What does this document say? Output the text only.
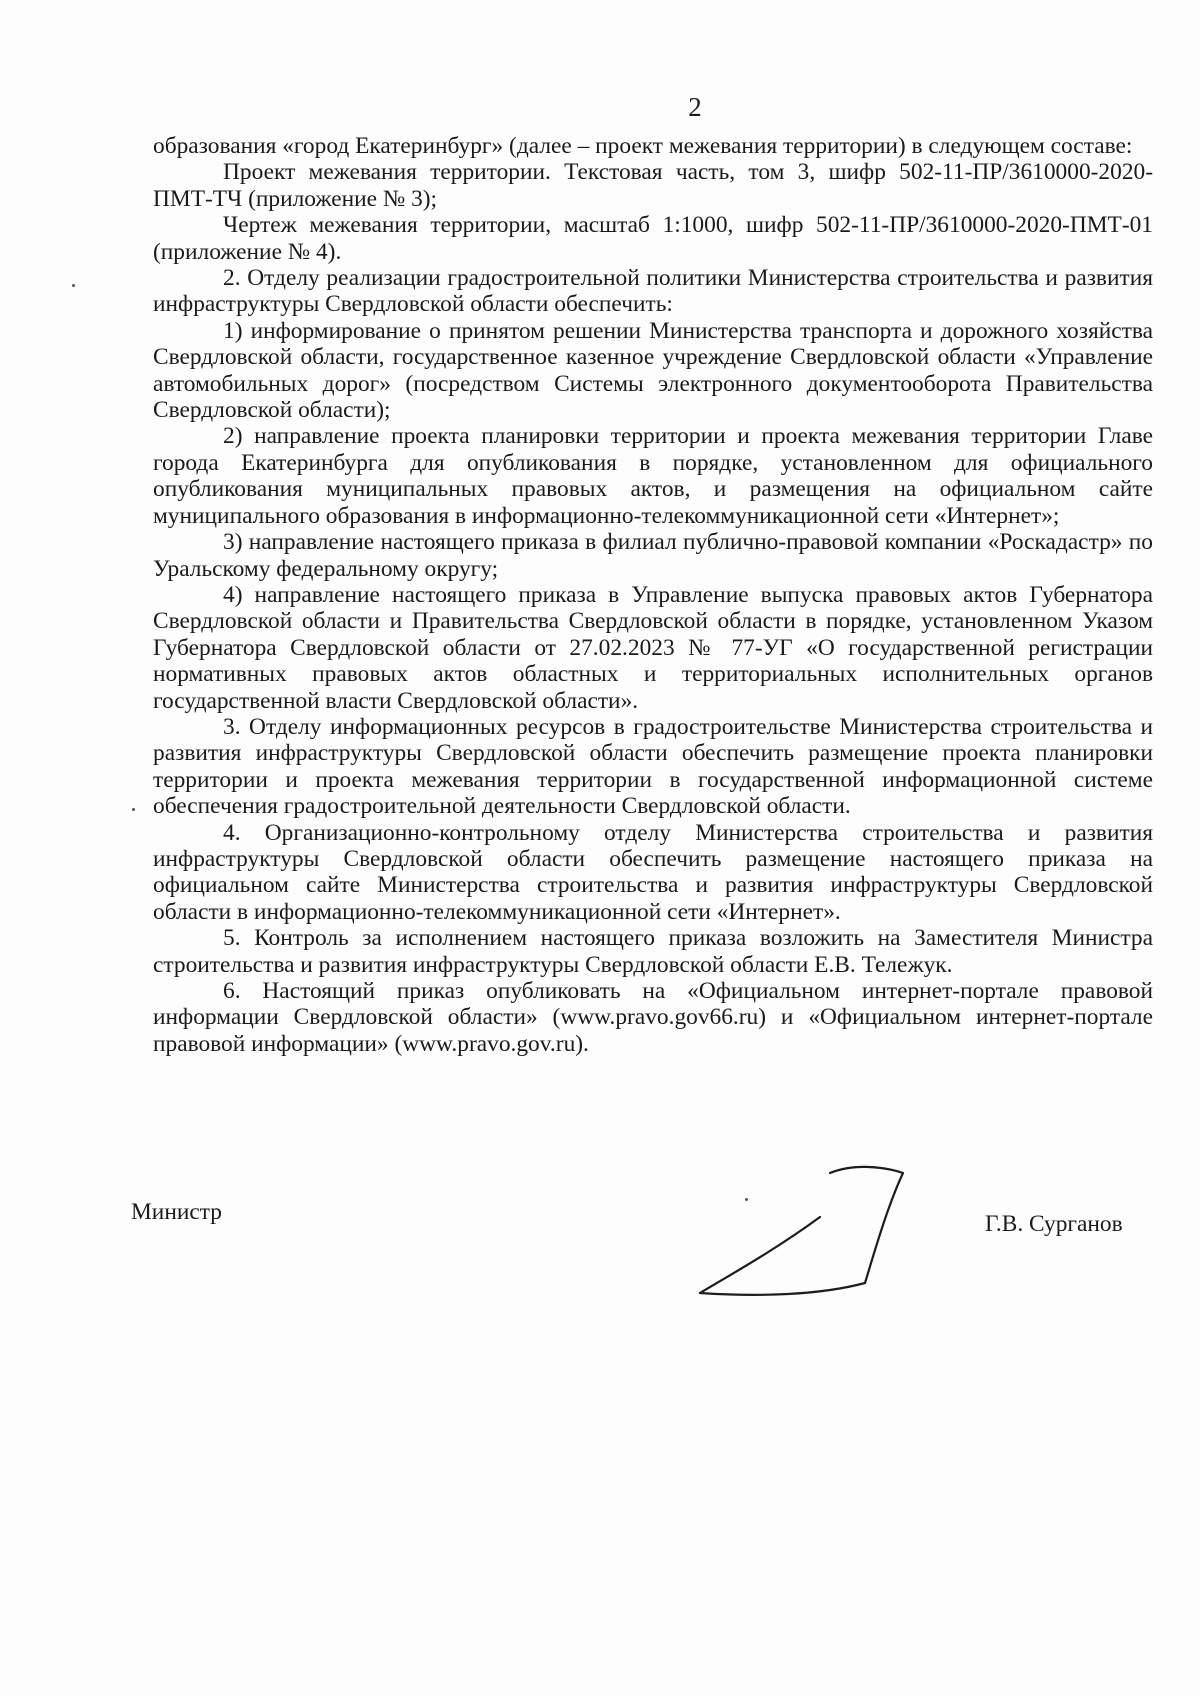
2

образования «город Екатеринбург» (далее – проект межевания территории) в следующем составе:

Проект межевания территории. Текстовая часть, том 3, шифр 502-11-ПР/3610000-2020-ПМТ-ТЧ (приложение № 3);

Чертеж межевания территории, масштаб 1:1000, шифр 502-11-ПР/3610000-2020-ПМТ-01 (приложение № 4).

2. Отделу реализации градостроительной политики Министерства строительства и развития инфраструктуры Свердловской области обеспечить:

1) информирование о принятом решении Министерства транспорта и дорожного хозяйства Свердловской области, государственное казенное учреждение Свердловской области «Управление автомобильных дорог» (посредством Системы электронного документооборота Правительства Свердловской области);

2) направление проекта планировки территории и проекта межевания территории Главе города Екатеринбурга для опубликования в порядке, установленном для официального опубликования муниципальных правовых актов, и размещения на официальном сайте муниципального образования в информационно-телекоммуникационной сети «Интернет»;

3) направление настоящего приказа в филиал публично-правовой компании «Роскадастр» по Уральскому федеральному округу;

4) направление настоящего приказа в Управление выпуска правовых актов Губернатора Свердловской области и Правительства Свердловской области в порядке, установленном Указом Губернатора Свердловской области от 27.02.2023 № 77-УГ «О государственной регистрации нормативных правовых актов областных и территориальных исполнительных органов государственной власти Свердловской области».

3. Отделу информационных ресурсов в градостроительстве Министерства строительства и развития инфраструктуры Свердловской области обеспечить размещение проекта планировки территории и проекта межевания территории в государственной информационной системе обеспечения градостроительной деятельности Свердловской области.

4. Организационно-контрольному отделу Министерства строительства и развития инфраструктуры Свердловской области обеспечить размещение настоящего приказа на официальном сайте Министерства строительства и развития инфраструктуры Свердловской области в информационно-телекоммуникационной сети «Интернет».

5. Контроль за исполнением настоящего приказа возложить на Заместителя Министра строительства и развития инфраструктуры Свердловской области Е.В. Тележук.

6. Настоящий приказ опубликовать на «Официальном интернет-портале правовой информации Свердловской области» (www.pravo.gov66.ru) и «Официальном интернет-портале правовой информации» (www.pravo.gov.ru).

Министр	Г.В. Сурганов
